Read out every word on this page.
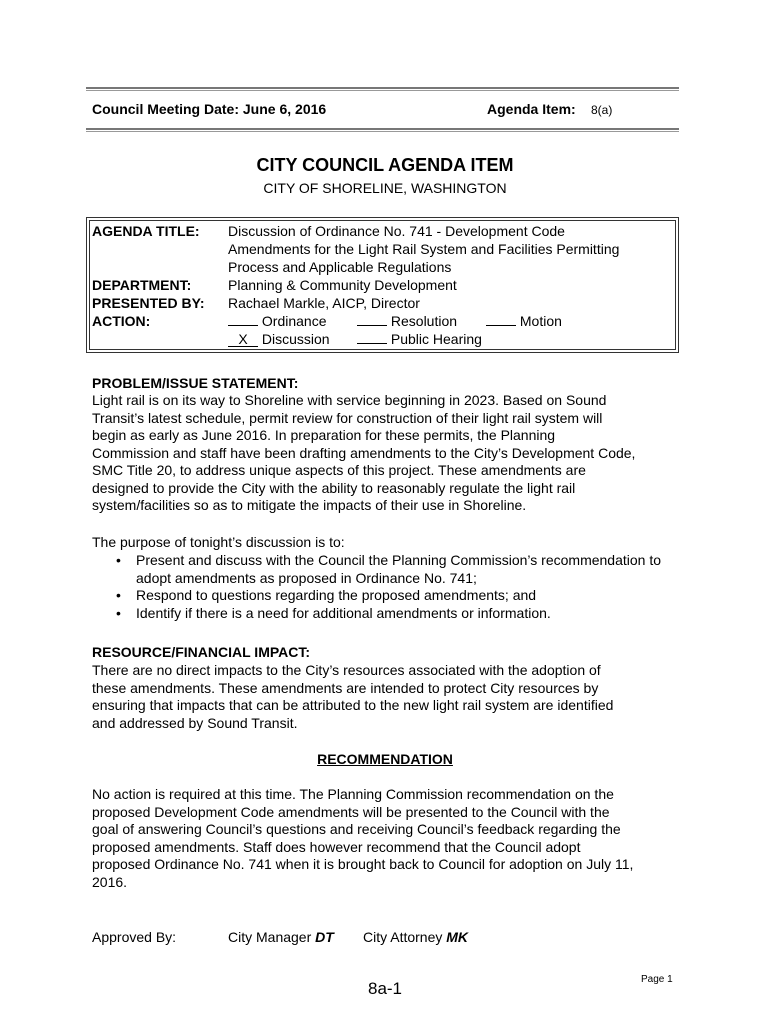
Council Meeting Date: June 6, 2016	Agenda Item: 8(a)
CITY COUNCIL AGENDA ITEM
CITY OF SHORELINE, WASHINGTON
AGENDA TITLE: Discussion of Ordinance No. 741 - Development Code
Amendments for the Light Rail System and Facilities Permitting
Process and Applicable Regulations
DEPARTMENT:	Planning & Community Development
PRESENTED BY: Rachael Markle, AICP, Director
ACTION:	Ordinance	Resolution	Motion
X Discussion	Public Hearing
PROBLEM/ISSUE STATEMENT:
Light rail is on its way to Shoreline with service beginning in 2023. Based on Sound
Transit’s latest schedule, permit review for construction of their light rail system will
begin as early as June 2016. In preparation for these permits, the Planning
Commission and staff have been drafting amendments to the City’s Development Code,
SMC Title 20, to address unique aspects of this project. These amendments are
designed to provide the City with the ability to reasonably regulate the light rail
system/facilities so as to mitigate the impacts of their use in Shoreline.
The purpose of tonight’s discussion is to:
• Present and discuss with the Council the Planning Commission’s recommendation to adopt amendments as proposed in Ordinance No. 741;
• Respond to questions regarding the proposed amendments; and
• Identify if there is a need for additional amendments or information.
RESOURCE/FINANCIAL IMPACT:
There are no direct impacts to the City’s resources associated with the adoption of
these amendments. These amendments are intended to protect City resources by
ensuring that impacts that can be attributed to the new light rail system are identified
and addressed by Sound Transit.
RECOMMENDATION
No action is required at this time. The Planning Commission recommendation on the
proposed Development Code amendments will be presented to the Council with the
goal of answering Council’s questions and receiving Council’s feedback regarding the
proposed amendments. Staff does however recommend that the Council adopt
proposed Ordinance No. 741 when it is brought back to Council for adoption on July 11,
2016.
Approved By:	City Manager DT City Attorney MK
8a-1	Page 1
